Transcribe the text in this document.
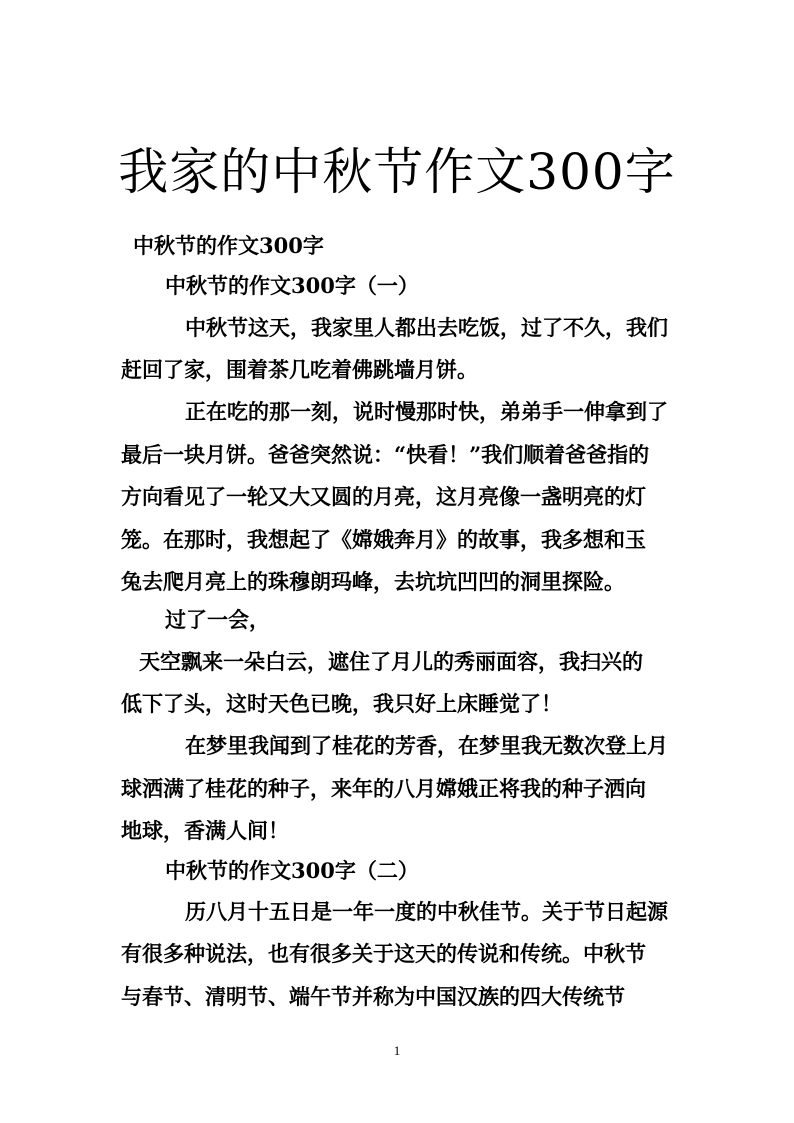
我家的中秋节作文300字
中秋节的作文300字
中秋节的作文300字（一）
中秋节这天，我家里人都出去吃饭，过了不久，我们
赶回了家，围着茶几吃着佛跳墙月饼。
正在吃的那一刻，说时慢那时快，弟弟手一伸拿到了
最后一块月饼。爸爸突然说：“快看！”我们顺着爸爸指的
方向看见了一轮又大又圆的月亮，这月亮像一盏明亮的灯
笼。在那时，我想起了《嫦娥奔月》的故事，我多想和玉
兔去爬月亮上的珠穆朗玛峰，去坑坑凹凹的洞里探险。
过了一会，
天空飘来一朵白云，遮住了月儿的秀丽面容，我扫兴的
低下了头，这时天色已晚，我只好上床睡觉了！
在梦里我闻到了桂花的芳香，在梦里我无数次登上月
球洒满了桂花的种子，来年的八月嫦娥正将我的种子洒向
地球，香满人间！
中秋节的作文300字（二）
历八月十五日是一年一度的中秋佳节。关于节日起源
有很多种说法，也有很多关于这天的传说和传统。中秋节
与春节、清明节、端午节并称为中国汉族的四大传统节
1
